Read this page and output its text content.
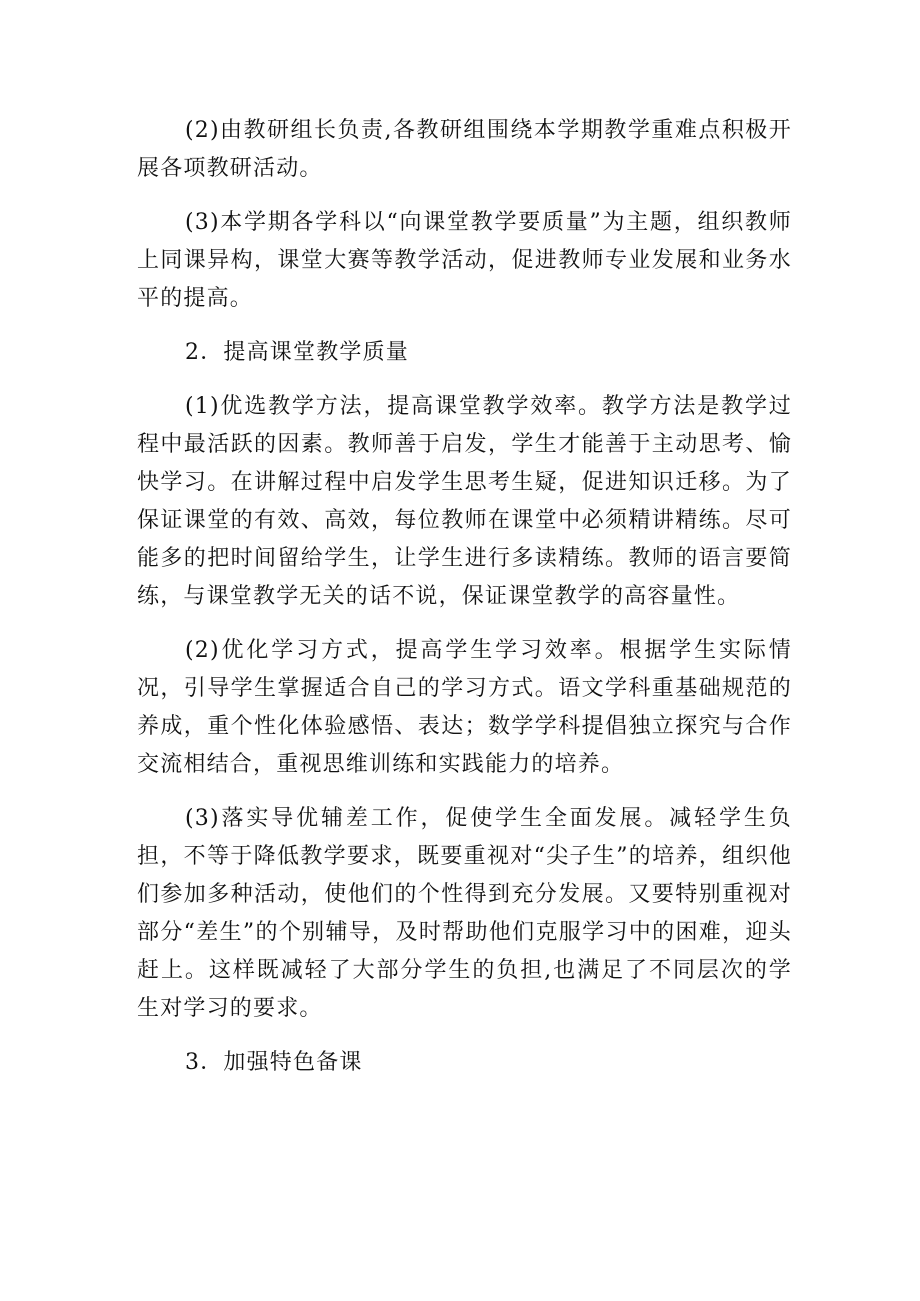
(2)由教研组长负责,各教研组围绕本学期教学重难点积极开展各项教研活动。

(3)本学期各学科以“向课堂教学要质量”为主题，组织教师上同课异构，课堂大赛等教学活动，促进教师专业发展和业务水平的提高。

2．提高课堂教学质量

(1)优选教学方法，提高课堂教学效率。教学方法是教学过程中最活跃的因素。教师善于启发，学生才能善于主动思考、愉快学习。在讲解过程中启发学生思考生疑，促进知识迁移。为了保证课堂的有效、高效，每位教师在课堂中必须精讲精练。尽可能多的把时间留给学生，让学生进行多读精练。教师的语言要简练，与课堂教学无关的话不说，保证课堂教学的高容量性。

(2)优化学习方式，提高学生学习效率。根据学生实际情况，引导学生掌握适合自己的学习方式。语文学科重基础规范的养成，重个性化体验感悟、表达；数学学科提倡独立探究与合作交流相结合，重视思维训练和实践能力的培养。

(3)落实导优辅差工作，促使学生全面发展。减轻学生负担，不等于降低教学要求，既要重视对“尖子生”的培养，组织他们参加多种活动，使他们的个性得到充分发展。又要特别重视对部分“差生”的个别辅导，及时帮助他们克服学习中的困难，迎头赶上。这样既减轻了大部分学生的负担,也满足了不同层次的学生对学习的要求。

3．加强特色备课
